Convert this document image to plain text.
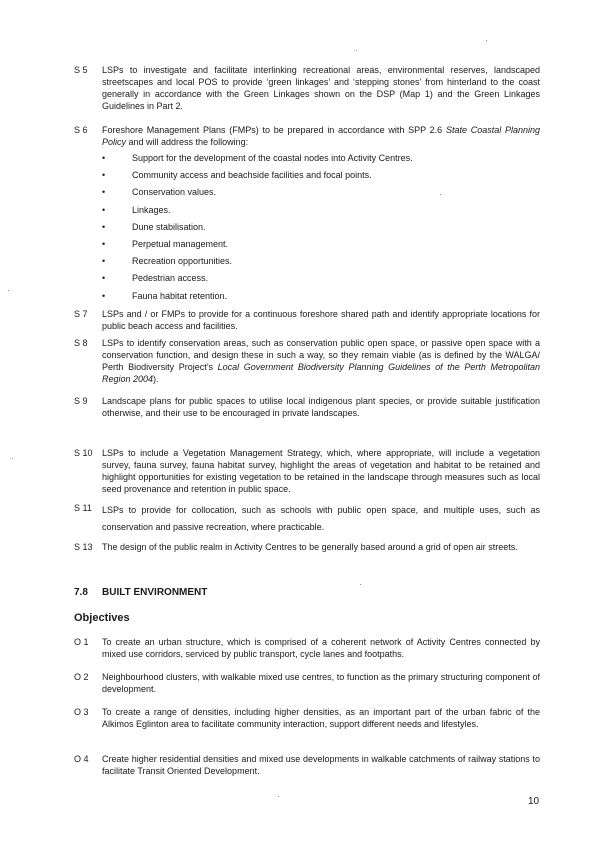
S 5	LSPs to investigate and facilitate interlinking recreational areas, environmental reserves, landscaped streetscapes and local POS to provide ‘green linkages’ and ‘stepping stones’ from hinterland to the coast generally in accordance with the Green Linkages shown on the DSP (Map 1) and the Green Linkages Guidelines in Part 2.
S 6	Foreshore Management Plans (FMPs) to be prepared in accordance with SPP 2.6 State Coastal Planning Policy and will address the following:
•	Support for the development of the coastal nodes into Activity Centres.
•	Community access and beachside facilities and focal points.
•	Conservation values.
•	Linkages.
•	Dune stabilisation.
•	Perpetual management.
•	Recreation opportunities.
•	Pedestrian access.
•	Fauna habitat retention.
S 7	LSPs and / or FMPs to provide for a continuous foreshore shared path and identify appropriate locations for public beach access and facilities.
S 8	LSPs to identify conservation areas, such as conservation public open space, or passive open space with a conservation function, and design these in such a way, so they remain viable (as is defined by the WALGA/ Perth Biodiversity Project’s Local Government Biodiversity Planning Guidelines of the Perth Metropolitan Region 2004).
S 9	Landscape plans for public spaces to utilise local indigenous plant species, or provide suitable justification otherwise, and their use to be encouraged in private landscapes.
S 10	LSPs to include a Vegetation Management Strategy, which, where appropriate, will include a vegetation survey, fauna survey, fauna habitat survey, highlight the areas of vegetation and habitat to be retained and highlight opportunities for existing vegetation to be retained in the landscape through measures such as local seed provenance and retention in public space.
S 11	LSPs to provide for collocation, such as schools with public open space, and multiple uses, such as conservation and passive recreation, where practicable.
S 13	The design of the public realm in Activity Centres to be generally based around a grid of open air streets.
7.8 BUILT ENVIRONMENT
Objectives
O 1	To create an urban structure, which is comprised of a coherent network of Activity Centres connected by mixed use corridors, serviced by public transport, cycle lanes and footpaths.
O 2	Neighbourhood clusters, with walkable mixed use centres, to function as the primary structuring component of development.
O 3	To create a range of densities, including higher densities, as an important part of the urban fabric of the Alkimos Eglinton area to facilitate community interaction, support different needs and lifestyles.
O 4	Create higher residential densities and mixed use developments in walkable catchments of railway stations to facilitate Transit Oriented Development.
10
